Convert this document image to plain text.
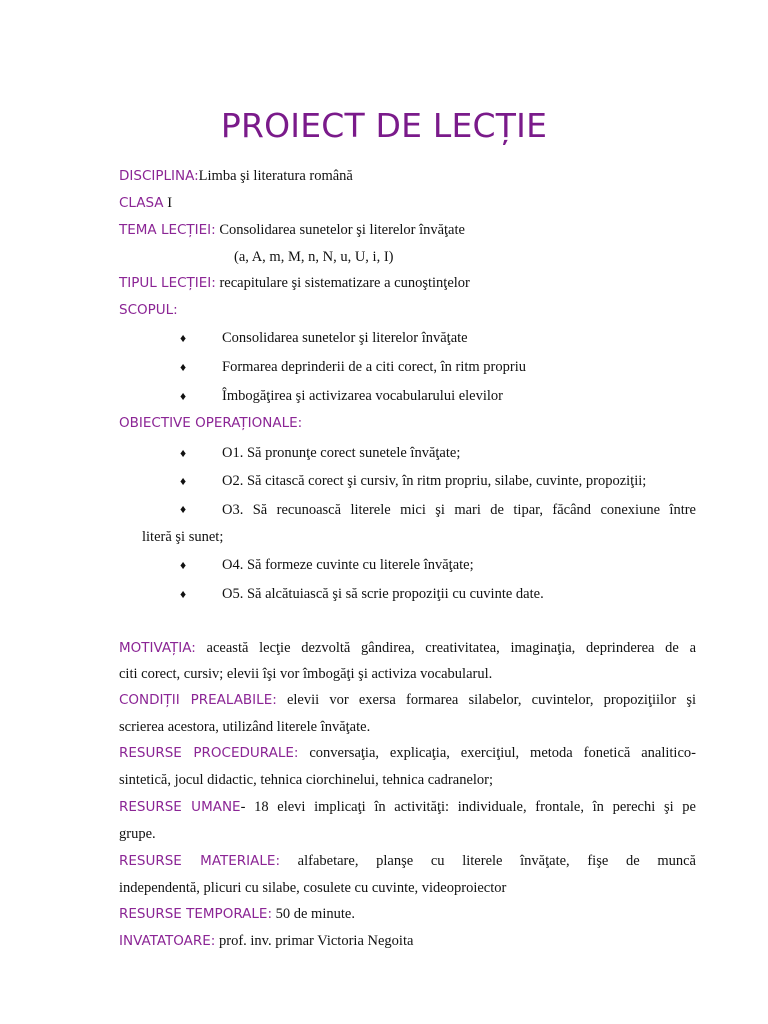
PROIECT DE LECȚIE
DISCIPLINA:Limba şi literatura română
CLASA I
TEMA LECȚIEI: Consolidarea sunetelor şi literelor învăţate
(a, A, m, M, n, N, u, U, i, I)
TIPUL LECȚIEI: recapitulare şi sistematizare a cunoştinţelor
SCOPUL:
♦ Consolidarea sunetelor şi literelor învăţate
♦ Formarea deprinderii de a citi corect, în ritm propriu
♦ Îmbogăţirea şi activizarea vocabularului elevilor
OBIECTIVE OPERAȚIONALE:
♦ O1. Să pronunţe corect sunetele învăţate;
♦ O2. Să citască corect şi cursiv, în ritm propriu, silabe, cuvinte, propoziţii;
♦	O3. Să recunoască literele mici şi mari de tipar, făcând conexiune între
literă şi sunet;
♦ O4. Să formeze cuvinte cu literele învăţate;
♦ O5. Să alcătuiască şi să scrie propoziţii cu cuvinte date.
MOTIVAȚIA: această lecţie dezvoltă gândirea, creativitatea, imaginaţia, deprinderea de a
citi corect, cursiv; elevii îşi vor îmbogăţi şi activiza vocabularul.
CONDIȚII PREALABILE: elevii vor exersa formarea silabelor, cuvintelor, propoziţiilor şi
scrierea acestora, utilizând literele învăţate.
RESURSE PROCEDURALE: conversaţia, explicaţia, exerciţiul, metoda fonetică analitico-
sintetică, jocul didactic, tehnica ciorchinelui, tehnica cadranelor;
RESURSE UMANE- 18 elevi implicaţi în activităţi: individuale, frontale, în perechi şi pe
grupe.
RESURSE MATERIALE: alfabetare, planşe cu literele învăţate, fişe de muncă
independentă, plicuri cu silabe, cosulete cu cuvinte, videoproiector
RESURSE TEMPORALE: 50 de minute.
INVATATOARE: prof. inv. primar Victoria Negoita
